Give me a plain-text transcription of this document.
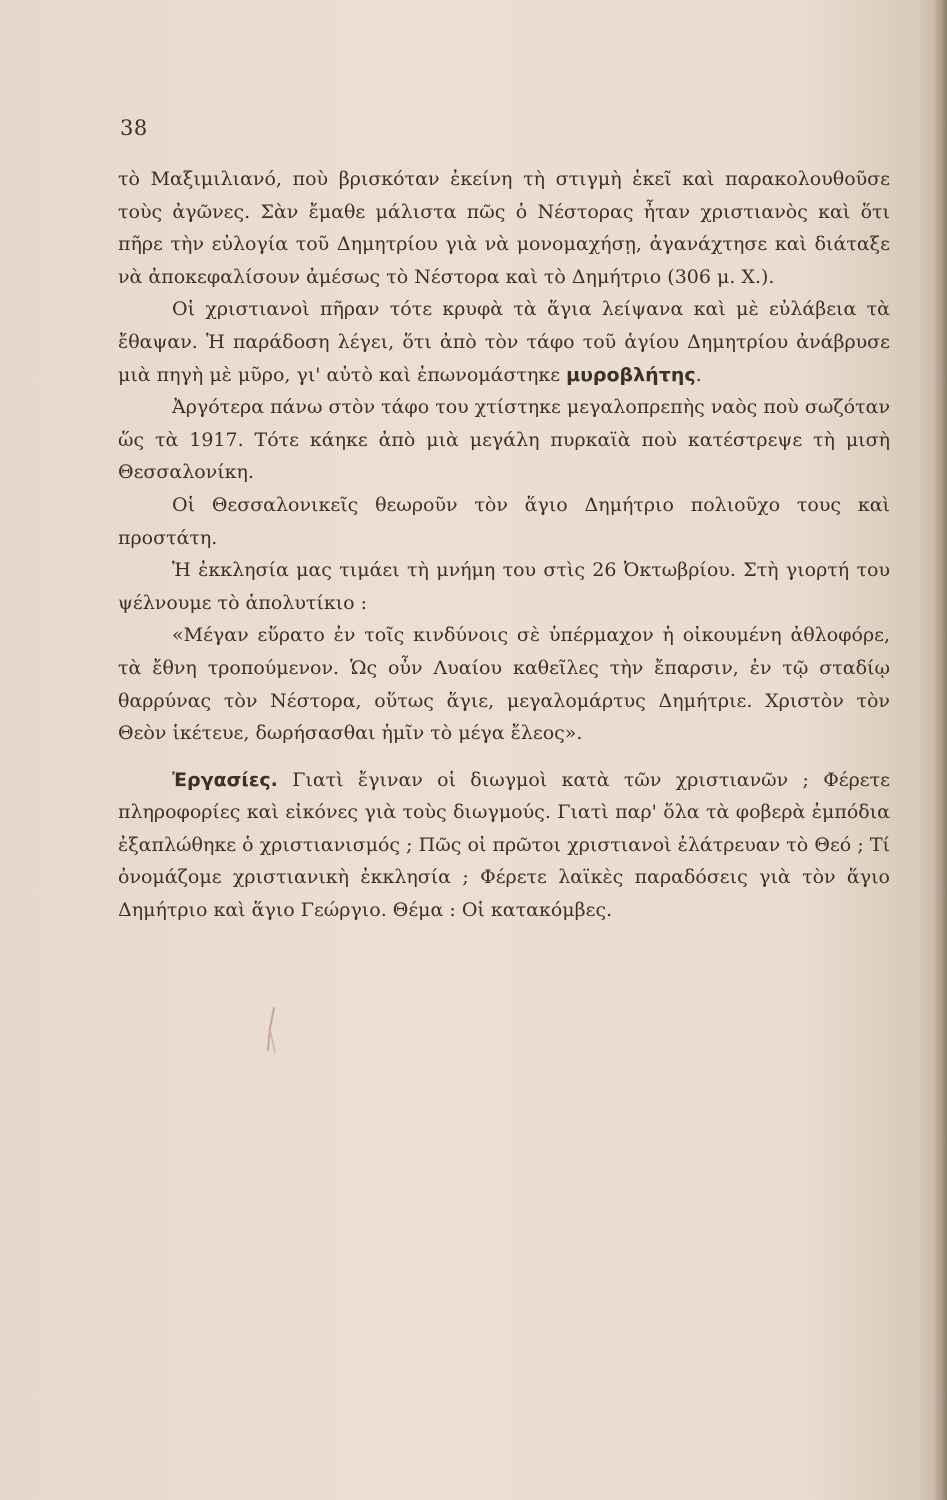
38

τὸ Μαξιμιλιανό, ποὺ βρισκόταν ἐκείνη τὴ στιγμὴ ἐκεῖ καὶ παρακολουθοῦσε τοὺς ἀγῶνες. Σὰν ἔμαθε μάλιστα πῶς ὁ Νέστορας ἦταν χριστιανὸς καὶ ὅτι πῆρε τὴν εὐλογία τοῦ Δημητρίου γιὰ νὰ μονομαχήσῃ, ἀγανάχτησε καὶ διάταξε νὰ ἀποκεφαλίσουν ἀμέσως τὸ Νέστορα καὶ τὸ Δημήτριο (306 μ. Χ.).

Οἱ χριστιανοὶ πῆραν τότε κρυφὰ τὰ ἅγια λείψανα καὶ μὲ εὐλάβεια τὰ ἔθαψαν. Ἡ παράδοση λέγει, ὅτι ἀπὸ τὸν τάφο τοῦ ἁγίου Δημητρίου ἀνάβρυσε μιὰ πηγὴ μὲ μῦρο, γι' αὐτὸ καὶ ἐπωνομάστηκε μυροβλήτης.

Ἀργότερα πάνω στὸν τάφο του χτίστηκε μεγαλοπρεπὴς ναὸς ποὺ σωζόταν ὥς τὰ 1917. Τότε κάηκε ἀπὸ μιὰ μεγάλη πυρκαϊὰ ποὺ κατέστρεψε τὴ μισὴ Θεσσαλονίκη.

Οἱ Θεσσαλονικεῖς θεωροῦν τὸν ἅγιο Δημήτριο πολιοῦχο τους καὶ προστάτη.

Ἡ ἐκκλησία μας τιμάει τὴ μνήμη του στὶς 26 Ὀκτωβρίου. Στὴ γιορτή του ψέλνουμε τὸ ἀπολυτίκιο :

«Μέγαν εὕρατο ἐν τοῖς κινδύνοις σὲ ὑπέρμαχον ἡ οἰκουμένη ἀθλοφόρε, τὰ ἔθνη τροπούμενον. Ὡς οὖν Λυαίου καθεῖλες τὴν ἔπαρσιν, ἐν τῷ σταδίῳ θαρρύνας τὸν Νέστορα, οὕτως ἅγιε, μεγαλομάρτυς Δημήτριε. Χριστὸν τὸν Θεὸν ἱκέτευε, δωρήσασθαι ἡμῖν τὸ μέγα ἔλεος».

Ἐργασίες. Γιατὶ ἔγιναν οἱ διωγμοὶ κατὰ τῶν χριστιανῶν ; Φέρετε πληροφορίες καὶ εἰκόνες γιὰ τοὺς διωγμούς. Γιατὶ παρ' ὅλα τὰ φοβερὰ ἐμπόδια ἐξαπλώθηκε ὁ χριστιανισμός ; Πῶς οἱ πρῶτοι χριστιανοὶ ἐλάτρευαν τὸ Θεό ; Τί ὀνομάζομε χριστιανικὴ ἐκκλησία ; Φέρετε λαϊκὲς παραδόσεις γιὰ τὸν ἅγιο Δημήτριο καὶ ἅγιο Γεώργιο. Θέμα : Οἱ κατακόμβες.
